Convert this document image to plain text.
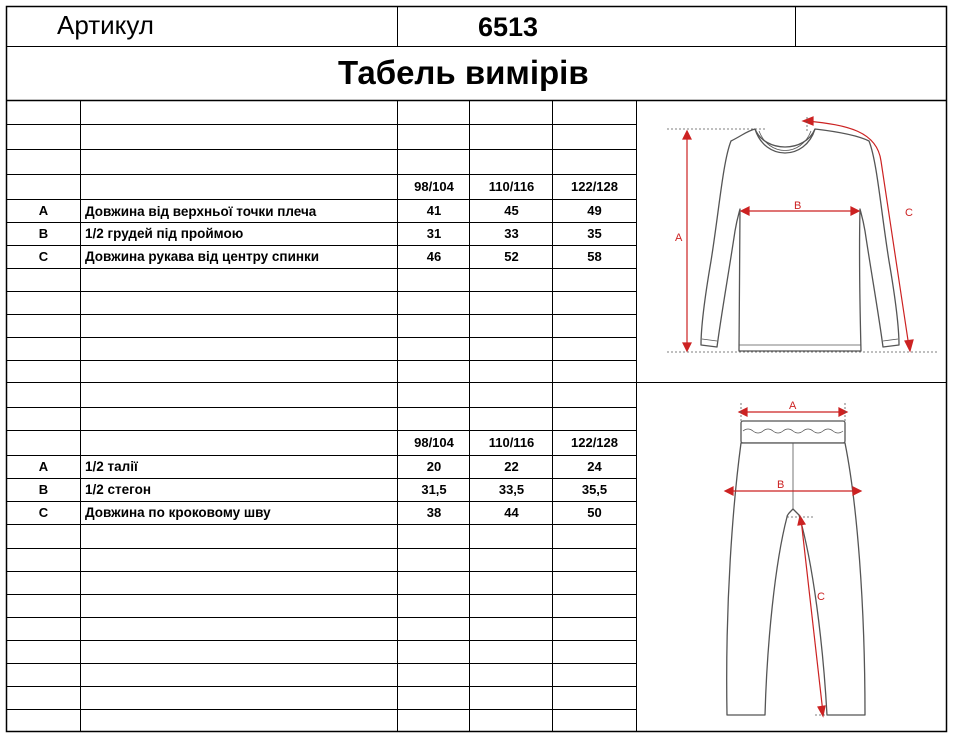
Артикул	6513
Табель вимірів
98/104	110/116	122/128
A	Довжина від верхньої точки плеча	41	45	49
B	1/2 грудей під проймою	31	33	35
C	Довжина рукава від центру спинки	46	52	58
98/104	110/116	122/128
A	1/2 талії	20	22	24
B	1/2 стегон	31,5	33,5	35,5
C	Довжина по кроковому шву	38	44	50
A
B
C
A
B
C
